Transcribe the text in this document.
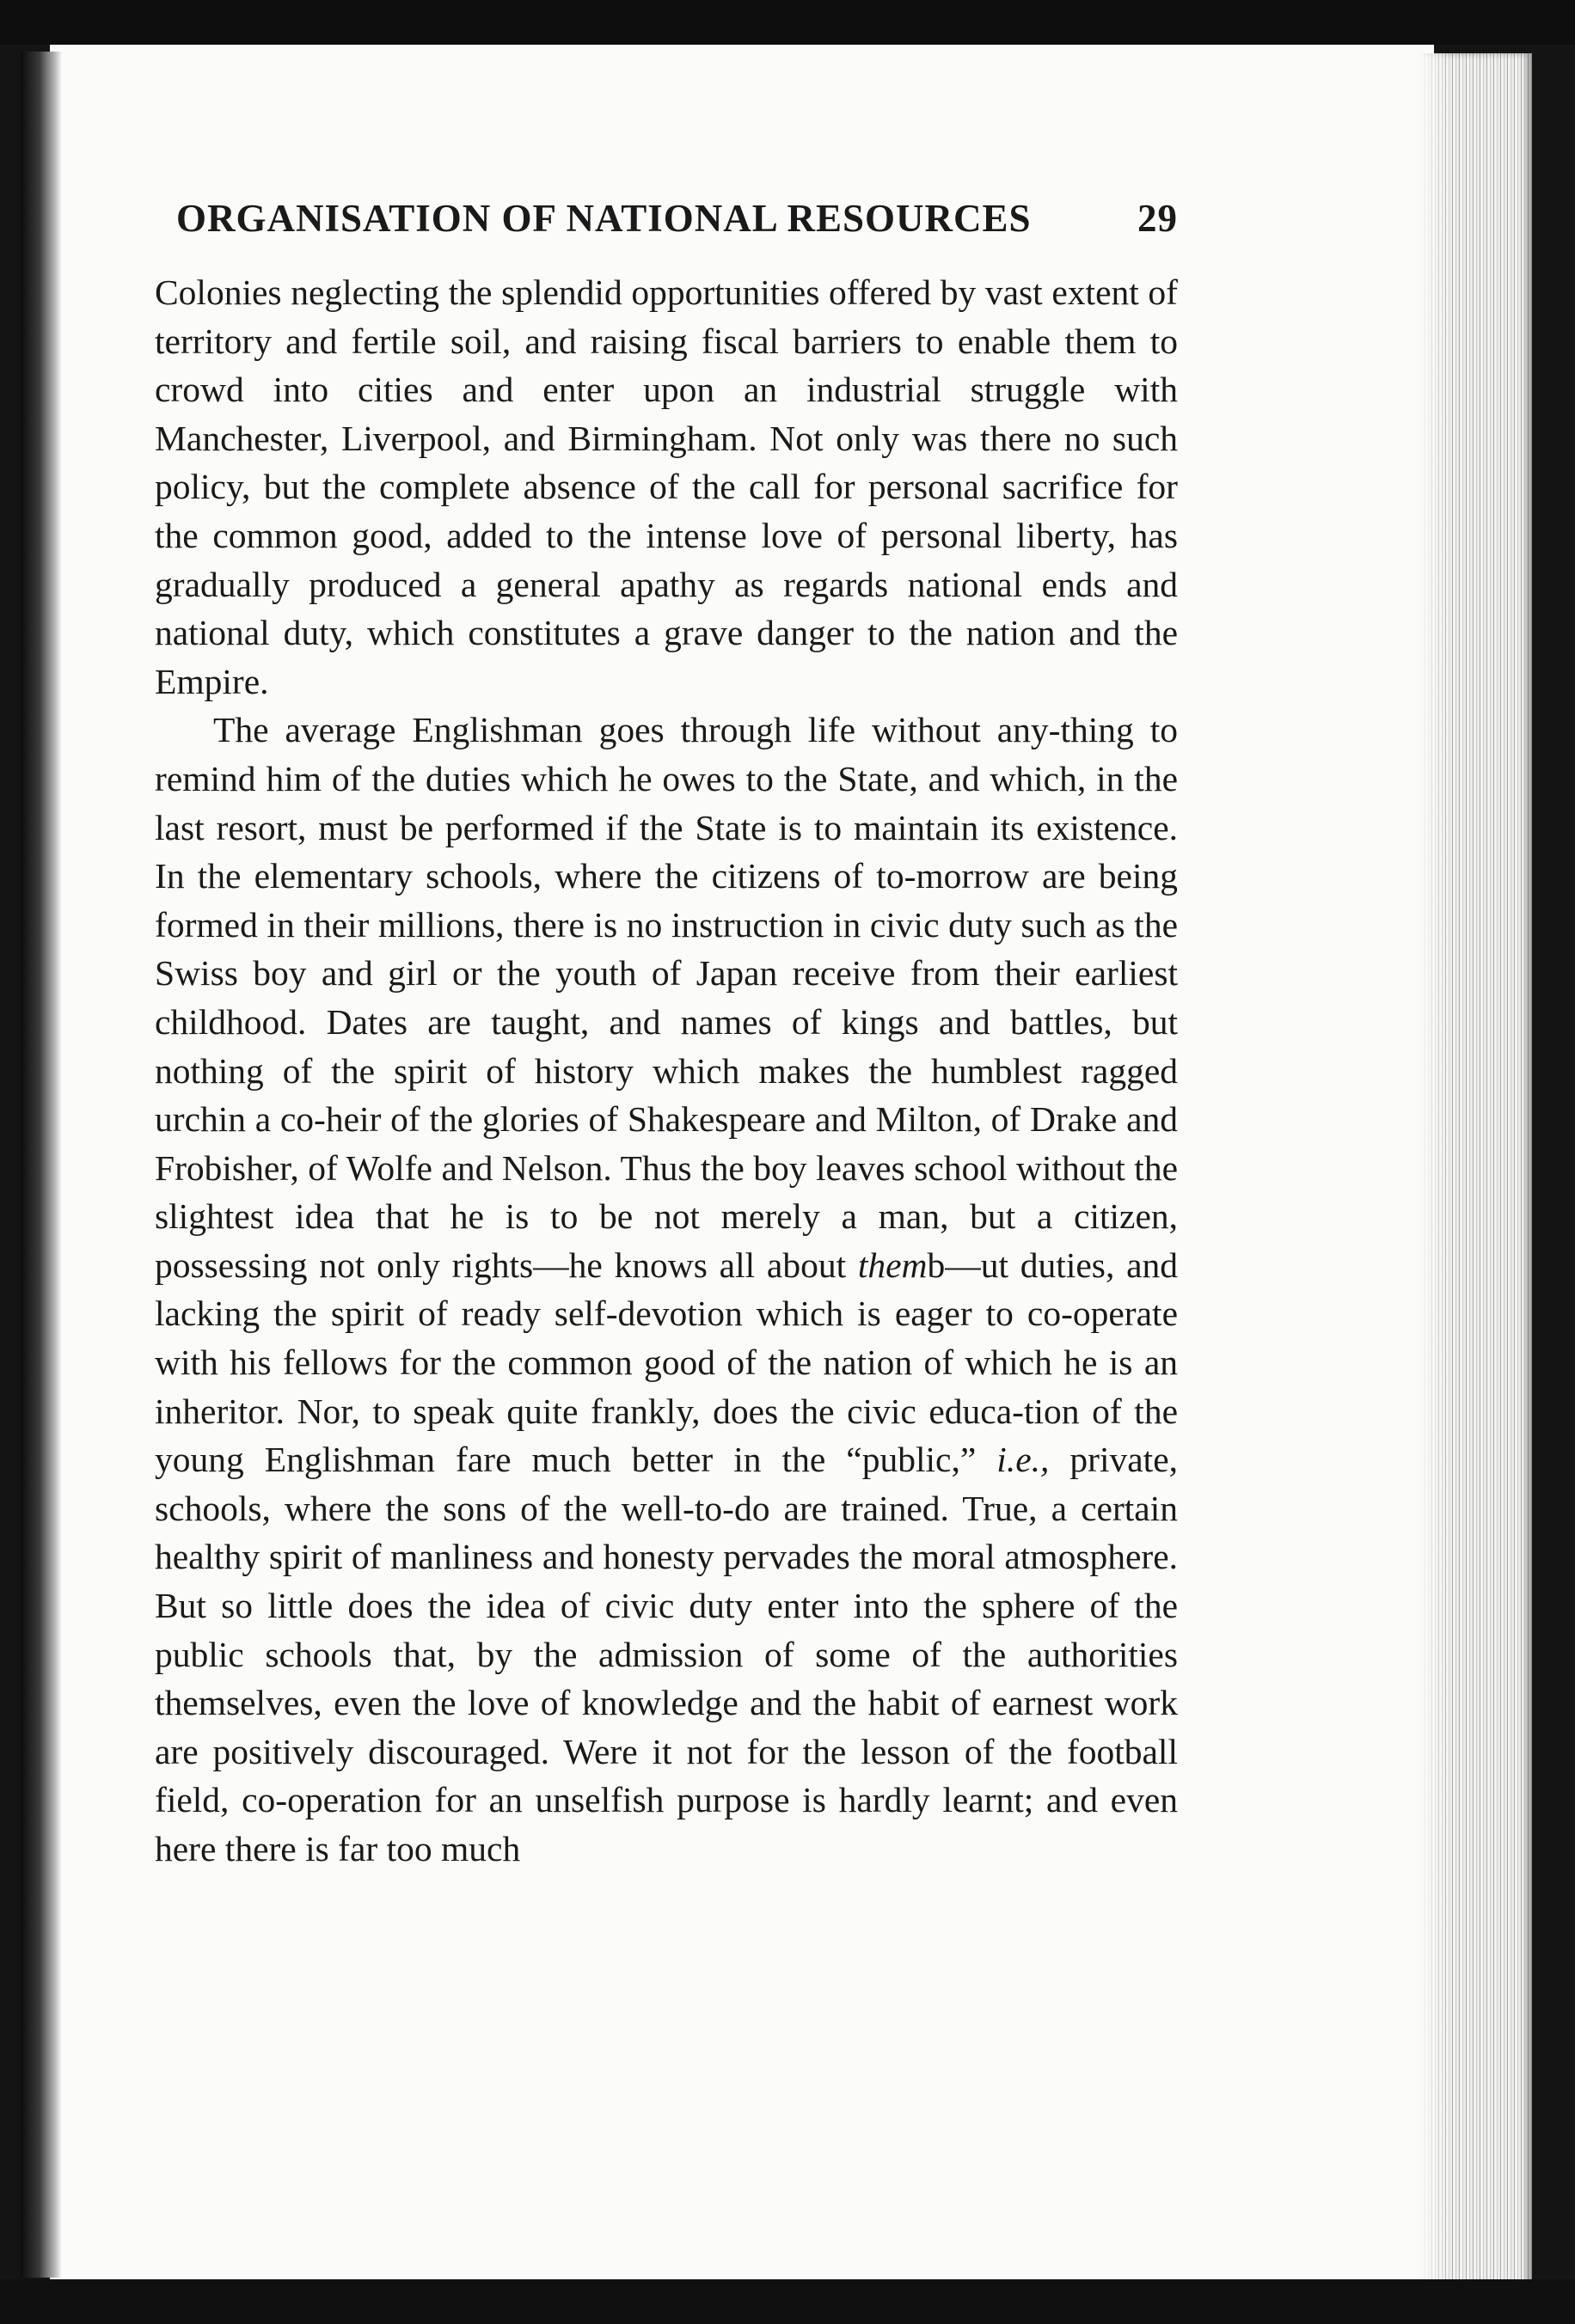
ORGANISATION OF NATIONAL RESOURCES	29

Colonies neglecting the splendid opportunities offered by vast extent of territory and fertile soil, and raising fiscal barriers to enable them to crowd into cities and enter upon an industrial struggle with Manchester, Liverpool, and Birmingham. Not only was there no such policy, but the complete absence of the call for personal sacrifice for the common good, added to the intense love of personal liberty, has gradually produced a general apathy as regards national ends and national duty, which constitutes a grave danger to the nation and the Empire.

The average Englishman goes through life without any-thing to remind him of the duties which he owes to the State, and which, in the last resort, must be performed if the State is to maintain its existence. In the elementary schools, where the citizens of to-morrow are being formed in their millions, there is no instruction in civic duty such as the Swiss boy and girl or the youth of Japan receive from their earliest childhood. Dates are taught, and names of kings and battles, but nothing of the spirit of history which makes the humblest ragged urchin a co-heir of the glories of Shakespeare and Milton, of Drake and Frobisher, of Wolfe and Nelson. Thus the boy leaves school without the slightest idea that he is to be not merely a man, but a citizen, possessing not only rights—he knows all about themb—ut duties, and lacking the spirit of ready self-devotion which is eager to co-operate with his fellows for the common good of the nation of which he is an inheritor. Nor, to speak quite frankly, does the civic educa-tion of the young Englishman fare much better in the “public,” i.e., private, schools, where the sons of the well-to-do are trained. True, a certain healthy spirit of manliness and honesty pervades the moral atmosphere. But so little does the idea of civic duty enter into the sphere of the public schools that, by the admission of some of the authorities themselves, even the love of knowledge and the habit of earnest work are positively discouraged. Were it not for the lesson of the football field, co-operation for an unselfish purpose is hardly learnt; and even here there is far too much
